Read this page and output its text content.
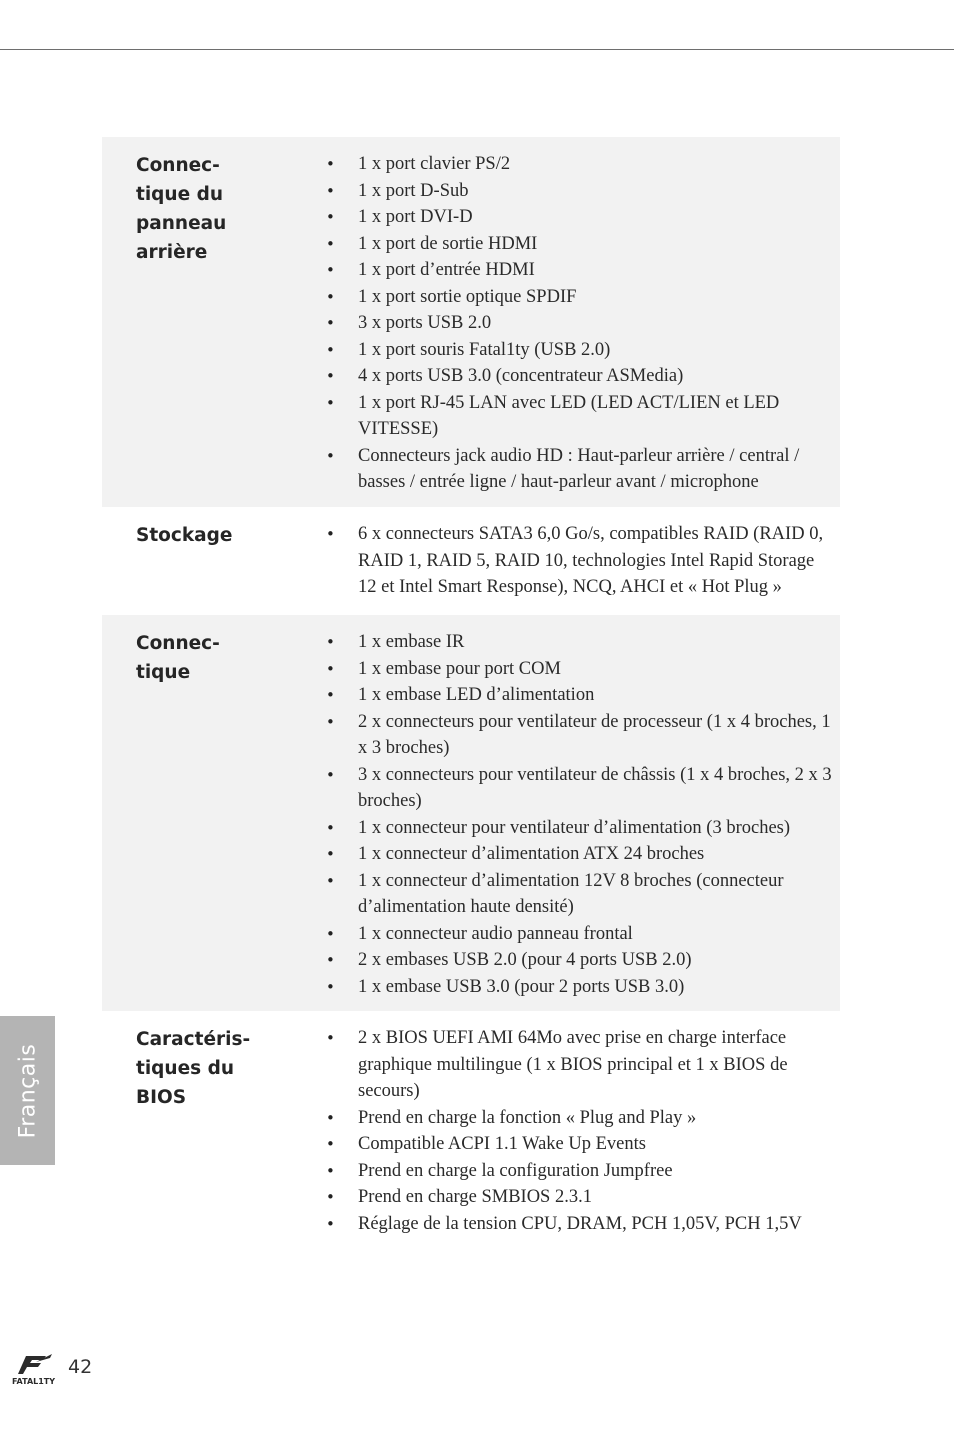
Connec-
tique du
panneau
arrière
• 1 x port clavier PS/2
• 1 x port D-Sub
• 1 x port DVI-D
• 1 x port de sortie HDMI
• 1 x port d’entrée HDMI
• 1 x port sortie optique SPDIF
• 3 x ports USB 2.0
• 1 x port souris Fatal1ty (USB 2.0)
• 4 x ports USB 3.0 (concentrateur ASMedia)
• 1 x port RJ-45 LAN avec LED (LED ACT/LIEN et LED VITESSE)
• Connecteurs jack audio HD : Haut-parleur arrière / central / basses / entrée ligne / haut-parleur avant / microphone
Stockage
•	6 x connecteurs SATA3 6,0 Go/s, compatibles RAID (RAID 0, RAID 1, RAID 5, RAID 10, technologies Intel Rapid Storage 12 et Intel Smart Response), NCQ, AHCI et « Hot Plug »
Connec-
tique
• 1 x embase IR
• 1 x embase pour port COM
• 1 x embase LED d’alimentation
• 2 x connecteurs pour ventilateur de processeur (1 x 4 broches, 1 x 3 broches)
• 3 x connecteurs pour ventilateur de châssis (1 x 4 broches, 2 x 3 broches)
• 1 x connecteur pour ventilateur d’alimentation (3 broches)
• 1 x connecteur d’alimentation ATX 24 broches
• 1 x connecteur d’alimentation 12V 8 broches (connecteur d’alimentation haute densité)
• 1 x connecteur audio panneau frontal
• 2 x embases USB 2.0 (pour 4 ports USB 2.0)
• 1 x embase USB 3.0 (pour 2 ports USB 3.0)
Caractéris-
tiques du
BIOS
• 2 x BIOS UEFI AMI 64Mo avec prise en charge interface graphique multilingue (1 x BIOS principal et 1 x BIOS de secours)
• Prend en charge la fonction « Plug and Play »
• Compatible ACPI 1.1 Wake Up Events
• Prend en charge la configuration Jumpfree
• Prend en charge SMBIOS 2.3.1
• Réglage de la tension CPU, DRAM, PCH 1,05V, PCH 1,5V
Français
FATAL1TY
42
